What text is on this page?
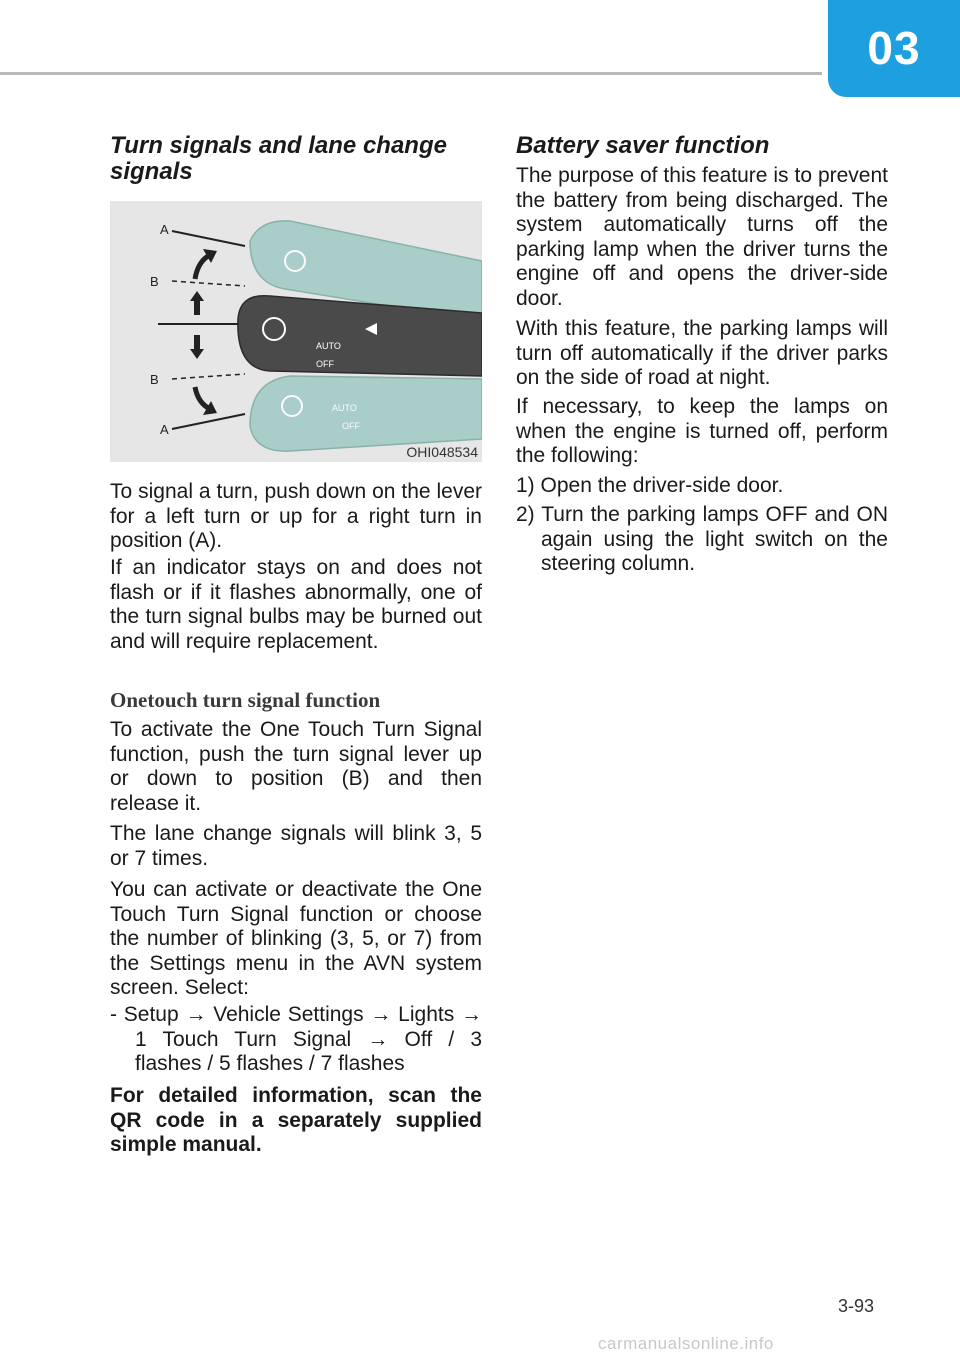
03
Turn signals and lane change signals
AUTO
OFF
AUTO
OFF
A
B
B
A
OHI048534

To signal a turn, push down on the lever for a left turn or up for a right turn in position (A).

If an indicator stays on and does not flash or if it flashes abnormally, one of the turn signal bulbs may be burned out and will require replacement.

Onetouch turn signal function

To activate the One Touch Turn Signal function, push the turn signal lever up or down to position (B) and then release it.

The lane change signals will blink 3, 5 or 7 times.

You can activate or deactivate the One Touch Turn Signal function or choose the number of blinking (3, 5, or 7) from the Settings menu in the AVN system screen. Select:

- Setup → Vehicle Settings → Lights → 1 Touch Turn Signal → Off / 3 flashes / 5 flashes / 7 flashes

For detailed information, scan the QR code in a separately supplied simple manual.

Battery saver function

The purpose of this feature is to prevent the battery from being discharged. The system automatically turns off the parking lamp when the driver turns the engine off and opens the driver-side door.

With this feature, the parking lamps will turn off automatically if the driver parks on the side of road at night.

If necessary, to keep the lamps on when the engine is turned off, perform the following:

1) Open the driver-side door.

2) Turn the parking lamps OFF and ON again using the light switch on the steering column.

3-93
carmanualsonline.info
